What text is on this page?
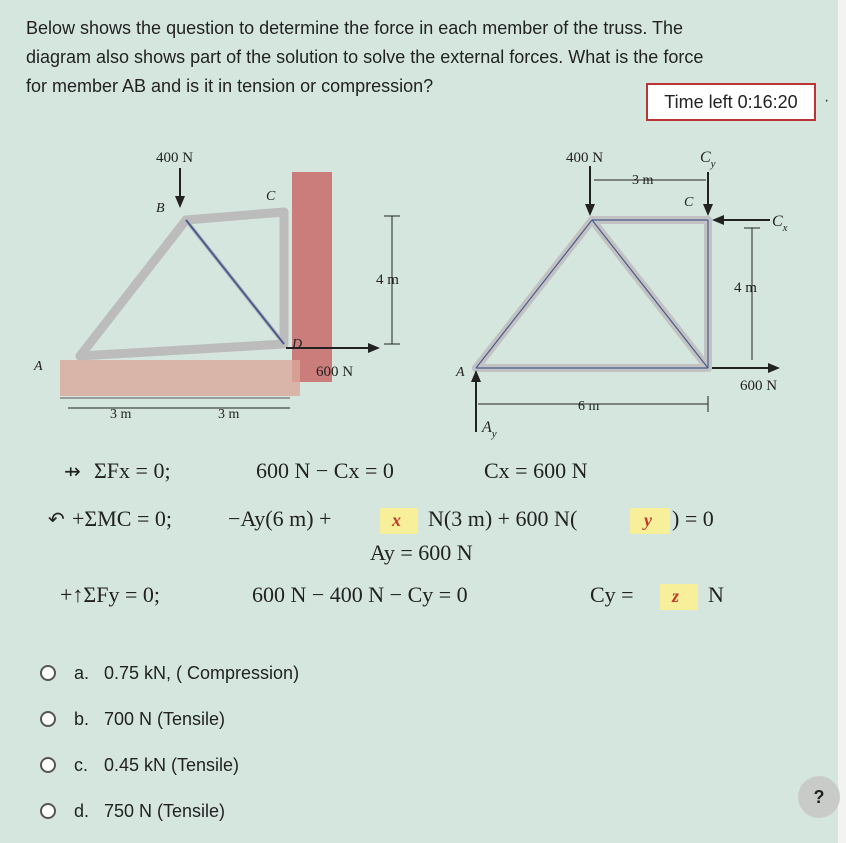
Below shows the question to determine the force in each member of the truss. The
diagram also shows part of the solution to solve the external forces. What is the force
for member AB and is it in tension or compression?
Time left 0:16:20
400 N
B
C
D
A
4 m
600 N
3 m	3 m
400 N
3 m
$C_y$
C
$C_x$
4 m
600 N
A
$A_y$
6 m
⇸ ΣFx = 0;	600 N − Cx = 0	Cx = 600 N
↶ +ΣMC = 0;	−Ay(6 m) +	x N(3 m) + 600 N(	y ) = 0
Ay = 600 N
+↑ΣFy = 0;	600 N − 400 N − Cy = 0	Cy = z N
a. 0.75 kN, ( Compression)
b. 700 N (Tensile)
c. 0.45 kN (Tensile)
d. 750 N (Tensile)
·
?
